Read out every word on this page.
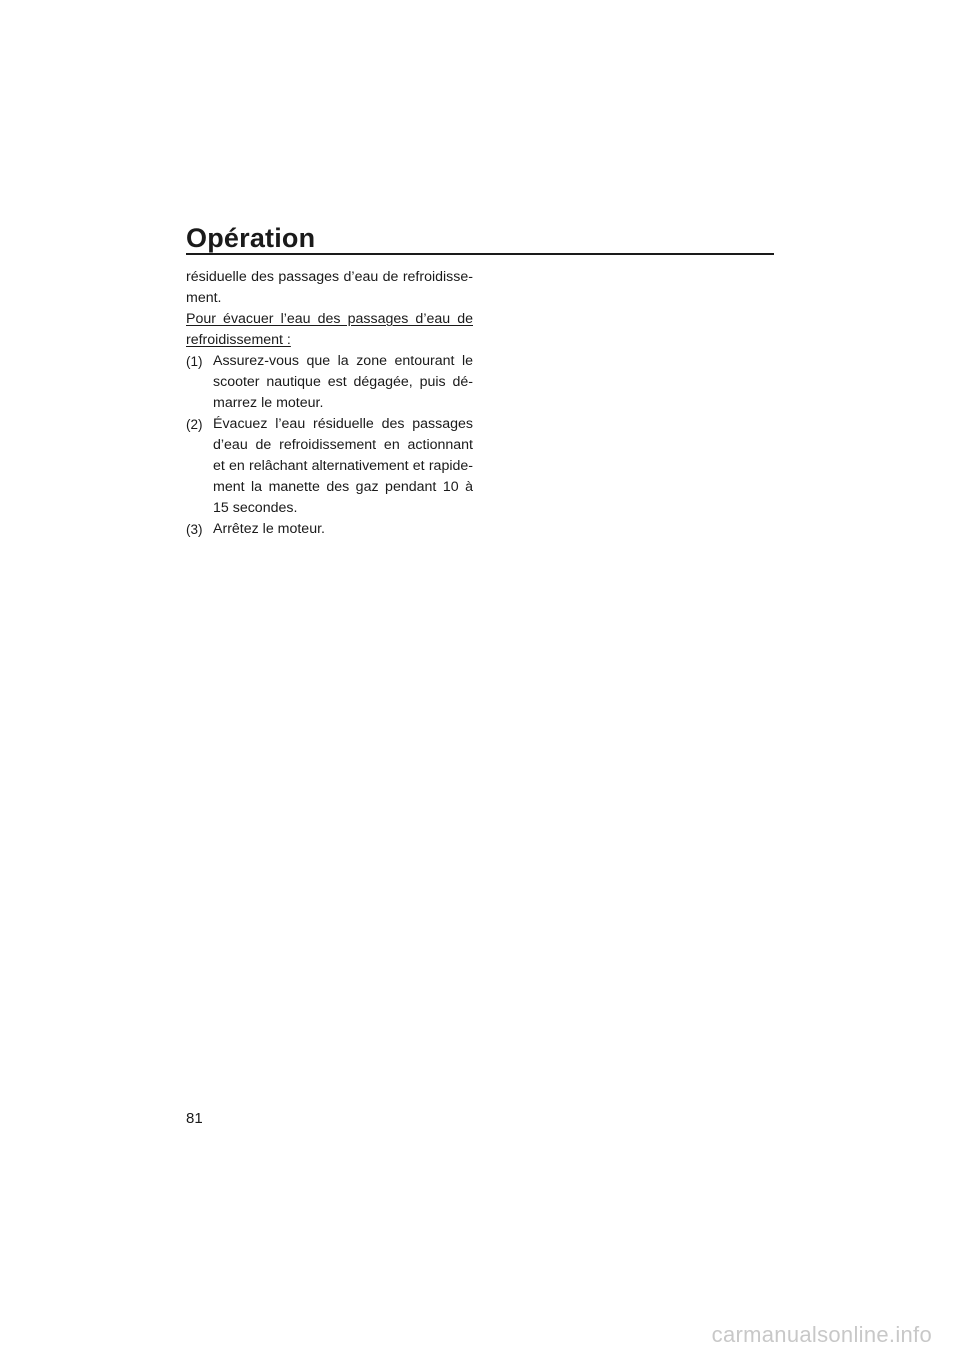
Opération

résiduelle des passages d’eau de refroidisse-ment.

Pour évacuer l’eau des passages d’eau de refroidissement :

(1) Assurez-vous que la zone entourant le scooter nautique est dégagée, puis dé-marrez le moteur.
(2) Évacuez l’eau résiduelle des passages d’eau de refroidissement en actionnant et en relâchant alternativement et rapide-ment la manette des gaz pendant 10 à 15 secondes.
(3) Arrêtez le moteur.
81
carmanualsonline.info
